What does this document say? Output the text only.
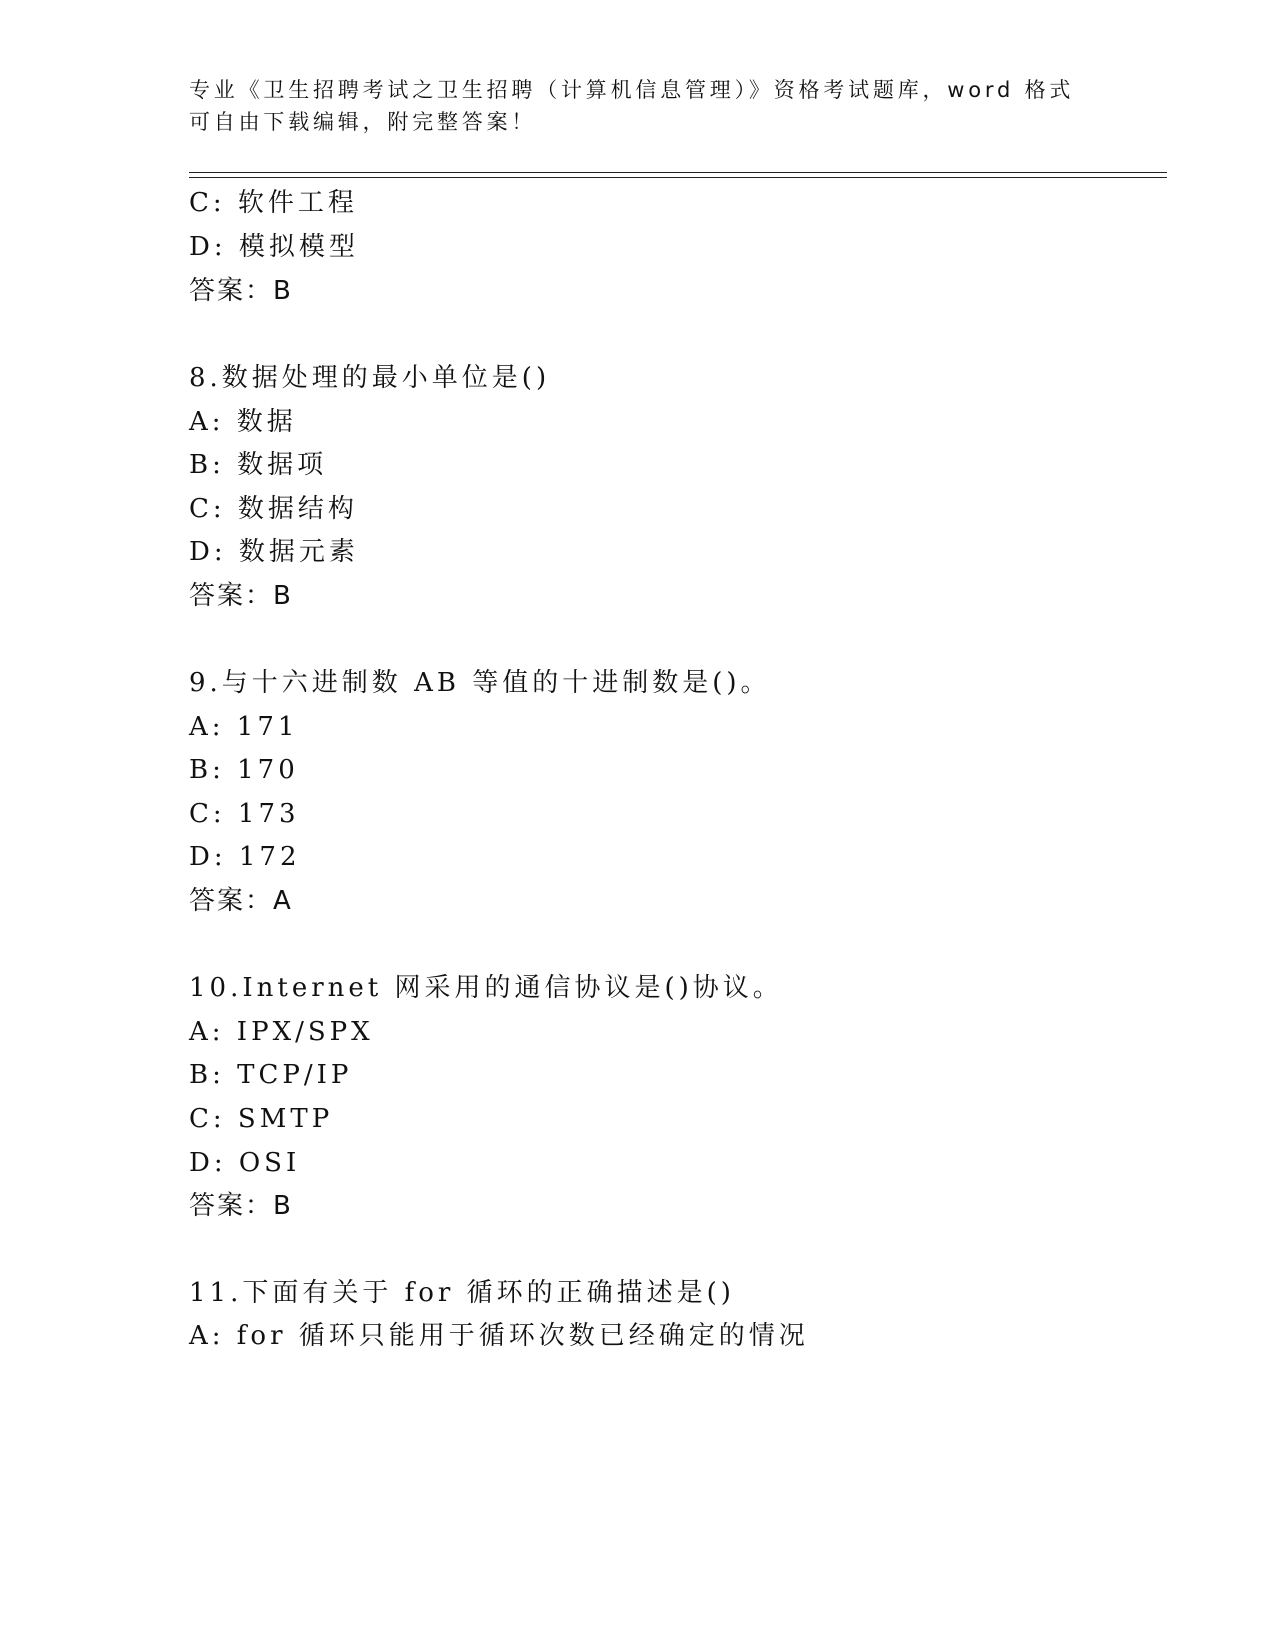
专业《卫生招聘考试之卫生招聘（计算机信息管理）》资格考试题库，word 格式
可自由下载编辑，附完整答案！
C: 软件工程
D: 模拟模型
答案：B
8.数据处理的最小单位是()
A: 数据
B: 数据项
C: 数据结构
D: 数据元素
答案：B
9.与十六进制数 AB 等值的十进制数是()。
A: 171
B: 170
C: 173
D: 172
答案：A
10.Internet 网采用的通信协议是()协议。
A: IPX/SPX
B: TCP/IP
C: SMTP
D: OSI
答案：B
11.下面有关于 for 循环的正确描述是()
A: for 循环只能用于循环次数已经确定的情况
